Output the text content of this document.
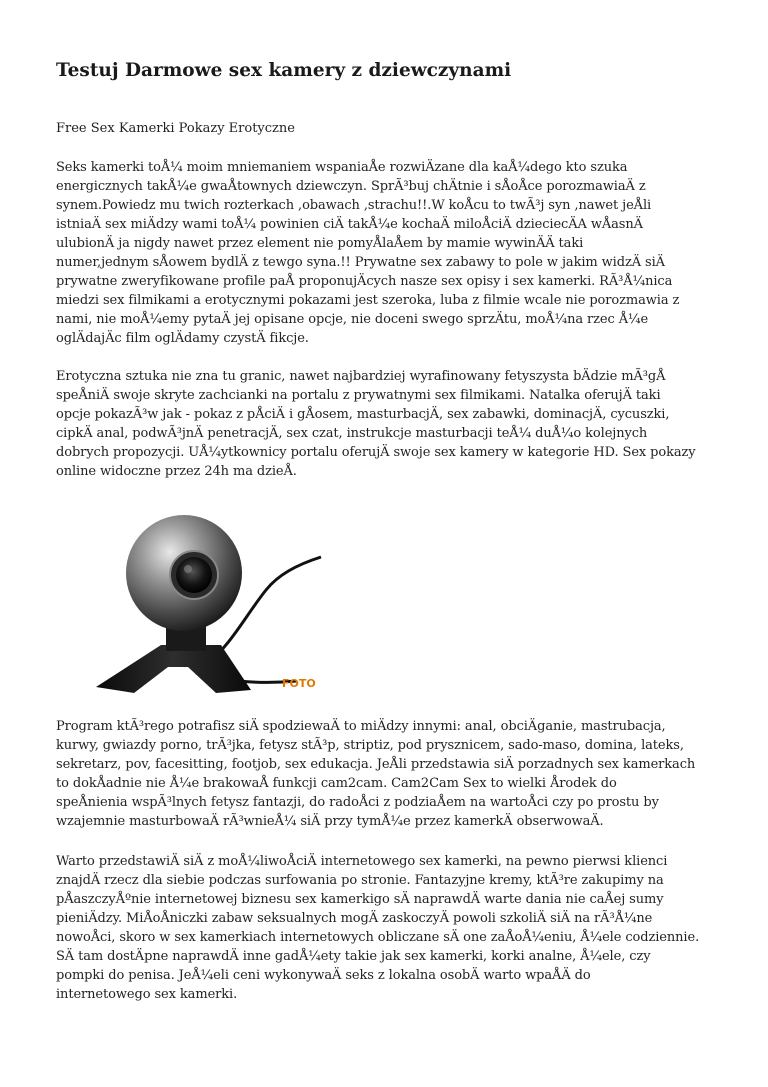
Testuj Darmowe sex kamery z dziewczynami

Free Sex Kamerki Pokazy Erotyczne

Seks kamerki toÅ¼ moim mniemaniem wspaniaÅe rozwiÄzane dla kaÅ¼dego kto szuka
energicznych takÅ¼e gwaÅtownych dziewczyn. SprÃ³buj chÄtnie i sÅoÅce porozmawiaÄ z
synem.Powiedz mu twich rozterkach ,obawach ,strachu!!.W koÅcu to twÃ³j syn ,nawet jeÅli
istniaÄ sex miÄdzy wami toÅ¼ powinien ciÄ takÅ¼e kochaÄ miloÅciÄ dzieciecÄA wÅasnÄ
ulubionÄ ja nigdy nawet przez element nie pomyÅlaÅem by mamie wywinÄÄ taki
numer,jednym sÅowem bydlÄ z tewgo syna.!! Prywatne sex zabawy to pole w jakim widzÄ siÄ
prywatne zweryfikowane profile paÅ proponujÄcych nasze sex opisy i sex kamerki. RÃ³Å¼nica
miedzi sex filmikami a erotycznymi pokazami jest szeroka, luba z filmie wcale nie porozmawia z
nami, nie moÅ¼emy pytaÄ jej opisane opcje, nie doceni swego sprzÄtu, moÅ¼na rzec Å¼e
oglÄdajÄc film oglÄdamy czystÄ fikcje.
Erotyczna sztuka nie zna tu granic, nawet najbardziej wyrafinowany fetyszysta bÄdzie mÃ³gÅ
speÅniÄ swoje skryte zachcianki na portalu z prywatnymi sex filmikami. Natalka oferujÄ taki
opcje pokazÃ³w jak - pokaz z pÅciÄ i gÅosem, masturbacjÄ, sex zabawki, dominacjÄ, cycuszki,
cipkÄ anal, podwÃ³jnÄ penetracjÄ, sex czat, instrukcje masturbacji teÅ¼ duÅ¼o kolejnych
dobrych propozycji. UÅ¼ytkownicy portalu oferujÄ swoje sex kamery w kategorie HD. Sex pokazy
online widoczne przez 24h ma dzieÅ.
FOTO
Program ktÃ³rego potrafisz siÄ spodziewaÄ to miÄdzy innymi: anal, obciÄganie, mastrubacja,
kurwy, gwiazdy porno, trÃ³jka, fetysz stÃ³p, striptiz, pod prysznicem, sado-maso, domina, lateks,
sekretarz, pov, facesitting, footjob, sex edukacja. JeÅli przedstawia siÄ porzadnych sex kamerkach
to dokÅadnie nie Å¼e brakowaÅ funkcji cam2cam. Cam2Cam Sex to wielki Årodek do
speÅnienia wspÃ³lnych fetysz fantazji, do radoÅci z podziaÅem na wartoÅci czy po prostu by
wzajemnie masturbowaÄ rÃ³wnieÅ¼ siÄ przy tymÅ¼e przez kamerkÄ obserwowaÄ.
Warto przedstawiÄ siÄ z moÅ¼liwoÅciÄ internetowego sex kamerki, na pewno pierwsi klienci
znajdÄ rzecz dla siebie podczas surfowania po stronie. Fantazyjne kremy, ktÃ³re zakupimy na
pÅaszczyÅºnie internetowej biznesu sex kamerkigo sÄ naprawdÄ warte dania nie caÅej sumy
pieniÄdzy. MiÅoÅniczki zabaw seksualnych mogÄ zaskoczyÄ powoli szkoliÄ siÄ na rÃ³Å¼ne
nowoÅci, skoro w sex kamerkiach internetowych obliczane sÄ one zaÅoÅ¼eniu, Å¼ele codziennie.
SÄ tam dostÄpne naprawdÄ inne gadÅ¼ety takie jak sex kamerki, korki analne, Å¼ele, czy
pompki do penisa. JeÅ¼eli ceni wykonywaÄ seks z lokalna osobÄ warto wpaÅÄ do
internetowego sex kamerki.
